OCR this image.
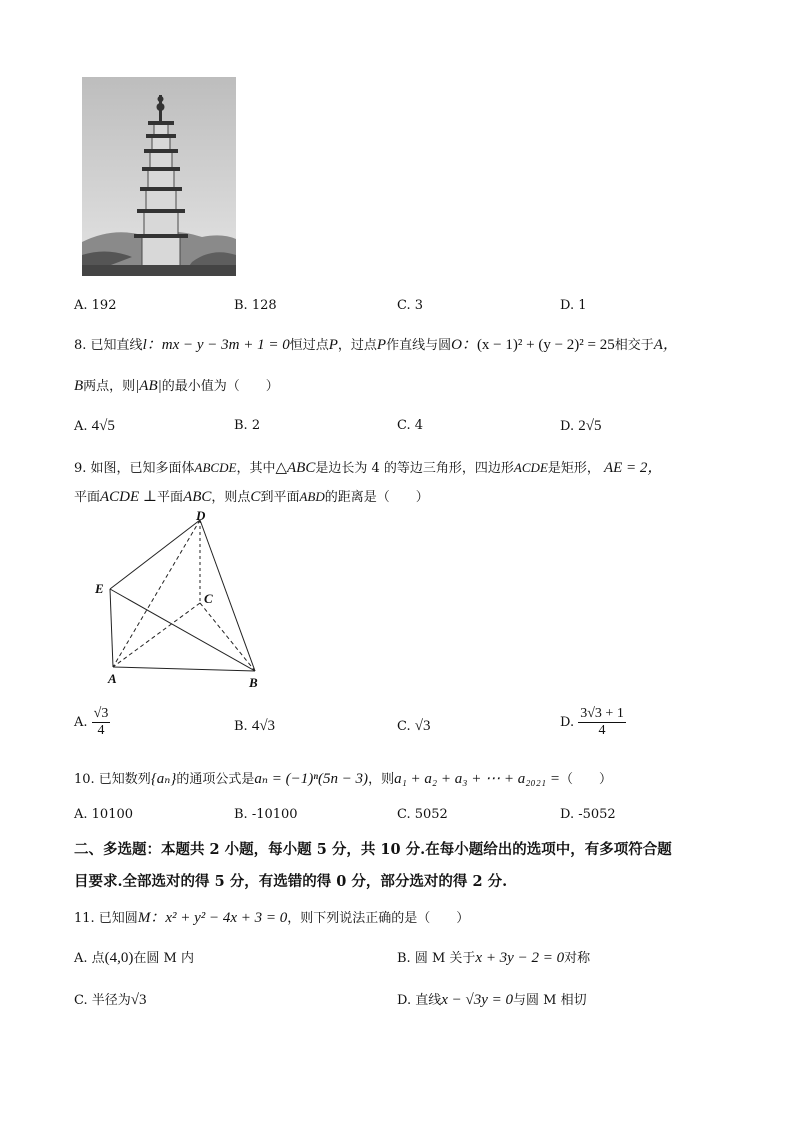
A. 192	B. 128	C. 3	D. 1
8. 已知直线l：mx − y − 3m + 1 = 0恒过点P，过点P作直线与圆O：(x − 1)² + (y − 2)² = 25相交于A，
B两点，则|AB|的最小值为（　　）
A. 4√5	B. 2	C. 4	D. 2√5
9. 如图，已知多面体ABCDE，其中△ABC是边长为 4 的等边三角形，四边形ACDE是矩形， AE = 2，
平面ACDE ⊥平面ABC，则点C到平面ABD的距离是（　　）
D
E
C
A	B
A. $\frac{√3}{4}$	B. 4√3	C. √3	D. $\frac{3√3 + 1}{4}$
10. 已知数列{aₙ}的通项公式是aₙ = (−1)ⁿ(5n − 3)，则a₁ + a₂ + a₃ + ⋯ + a₂₀₂₁ =（　　）
A. 10100	B. -10100	C. 5052	D. -5052
二、多选题：本题共 2 小题，每小题 5 分，共 10 分.在每小题给出的选项中，有多项符合题
目要求.全部选对的得 5 分，有选错的得 0 分，部分选对的得 2 分.
11. 已知圆M：x² + y² − 4x + 3 = 0，则下列说法正确的是（　　）
A. 点(4,0)在圆 M 内	B. 圆 M 关于x + 3y − 2 = 0对称
C. 半径为√3	D. 直线x − √3y = 0与圆 M 相切
